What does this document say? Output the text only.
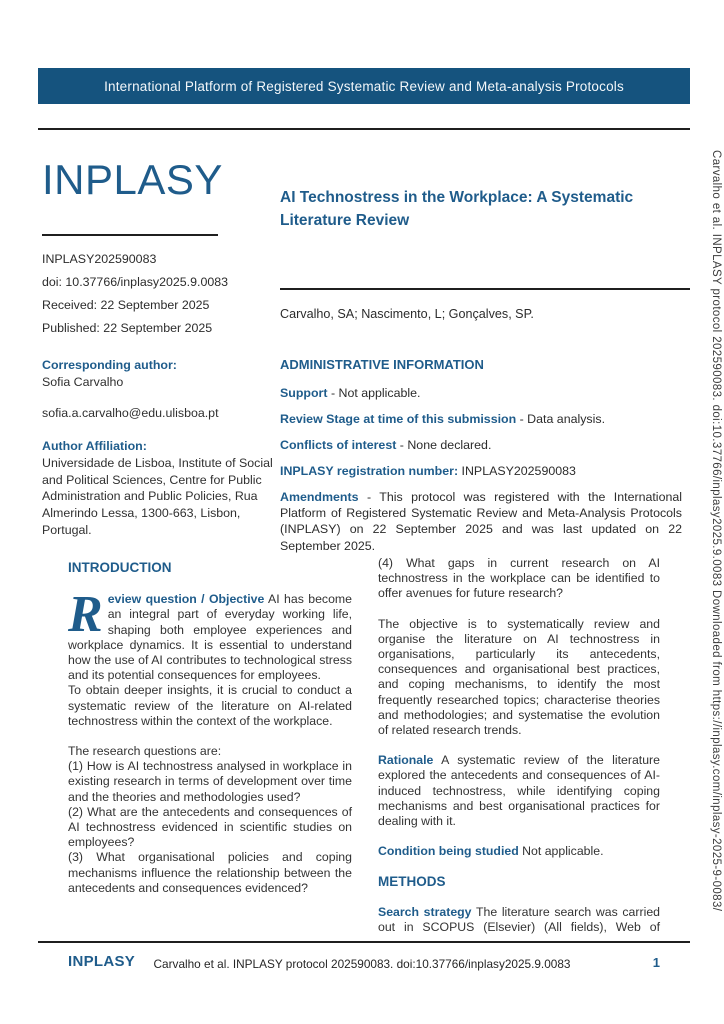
International Platform of Registered Systematic Review and Meta-analysis Protocols
Carvalho et al. INPLASY protocol 202590083. doi:10.37766/inplasy2025.9.0083 Downloaded from https://inplasy.com/inplasy-2025-9-0083/
INPLASY
INPLASY202590083
doi: 10.37766/inplasy2025.9.0083
Received: 22 September 2025
Published: 22 September 2025
Corresponding author:
Sofia Carvalho
sofia.a.carvalho@edu.ulisboa.pt
Author Affiliation:
Universidade de Lisboa, Institute of Social and Political Sciences, Centre for Public Administration and Public Policies, Rua Almerindo Lessa, 1300-663, Lisbon, Portugal.
AI Technostress in the Workplace: A Systematic Literature Review
Carvalho, SA; Nascimento, L; Gonçalves, SP.
ADMINISTRATIVE INFORMATION
Support - Not applicable.
Review Stage at time of this submission - Data analysis.
Conflicts of interest - None declared.
INPLASY registration number: INPLASY202590083
Amendments - This protocol was registered with the International Platform of Registered Systematic Review and Meta-Analysis Protocols (INPLASY) on 22 September 2025 and was last updated on 22 September 2025.
INTRODUCTION

Review question / Objective AI has become an integral part of everyday working life, shaping both employee experiences and workplace dynamics. It is essential to understand how the use of AI contributes to technological stress and its potential consequences for employees.

To obtain deeper insights, it is crucial to conduct a systematic review of the literature on AI-related technostress within the context of the workplace.

The research questions are:

(1) How is AI technostress analysed in workplace in existing research in terms of development over time and the theories and methodologies used?

(2) What are the antecedents and consequences of AI technostress evidenced in scientific studies on employees?

(3) What organisational policies and coping mechanisms influence the relationship between the antecedents and consequences evidenced?

(4) What gaps in current research on AI technostress in the workplace can be identified to offer avenues for future research?

The objective is to systematically review and organise the literature on AI technostress in organisations, particularly its antecedents, consequences and organisational best practices, and coping mechanisms, to identify the most frequently researched topics; characterise theories and methodologies; and systematise the evolution of related research trends.

Rationale A systematic review of the literature explored the antecedents and consequences of AI-induced technostress, while identifying coping mechanisms and best organisational practices for dealing with it.

Condition being studied Not applicable.

METHODS

Search strategy The literature search was carried out in SCOPUS (Elsevier) (All fields), Web of

INPLASY	Carvalho et al. INPLASY protocol 202590083. doi:10.37766/inplasy2025.9.0083	1
